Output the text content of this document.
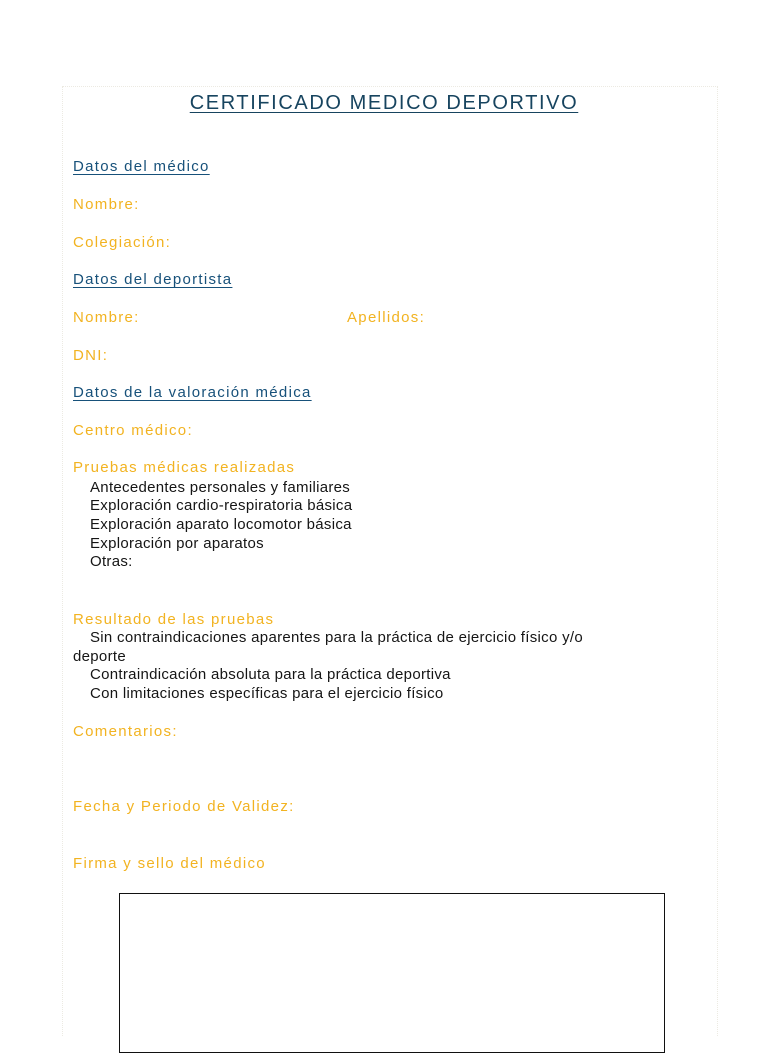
CERTIFICADO MEDICO DEPORTIVO
Datos del médico
Nombre:
Colegiación:
Datos del deportista
Nombre:	Apellidos:
DNI:
Datos de la valoración médica
Centro médico:
Pruebas médicas realizadas
Antecedentes personales y familiares
Exploración cardio-respiratoria básica
Exploración aparato locomotor básica
Exploración por aparatos
Otras:
Resultado de las pruebas
Sin contraindicaciones aparentes para la práctica de ejercicio físico y/o
deporte
Contraindicación absoluta para la práctica deportiva
Con limitaciones específicas para el ejercicio físico
Comentarios:
Fecha y Periodo de Validez:
Firma y sello del médico
